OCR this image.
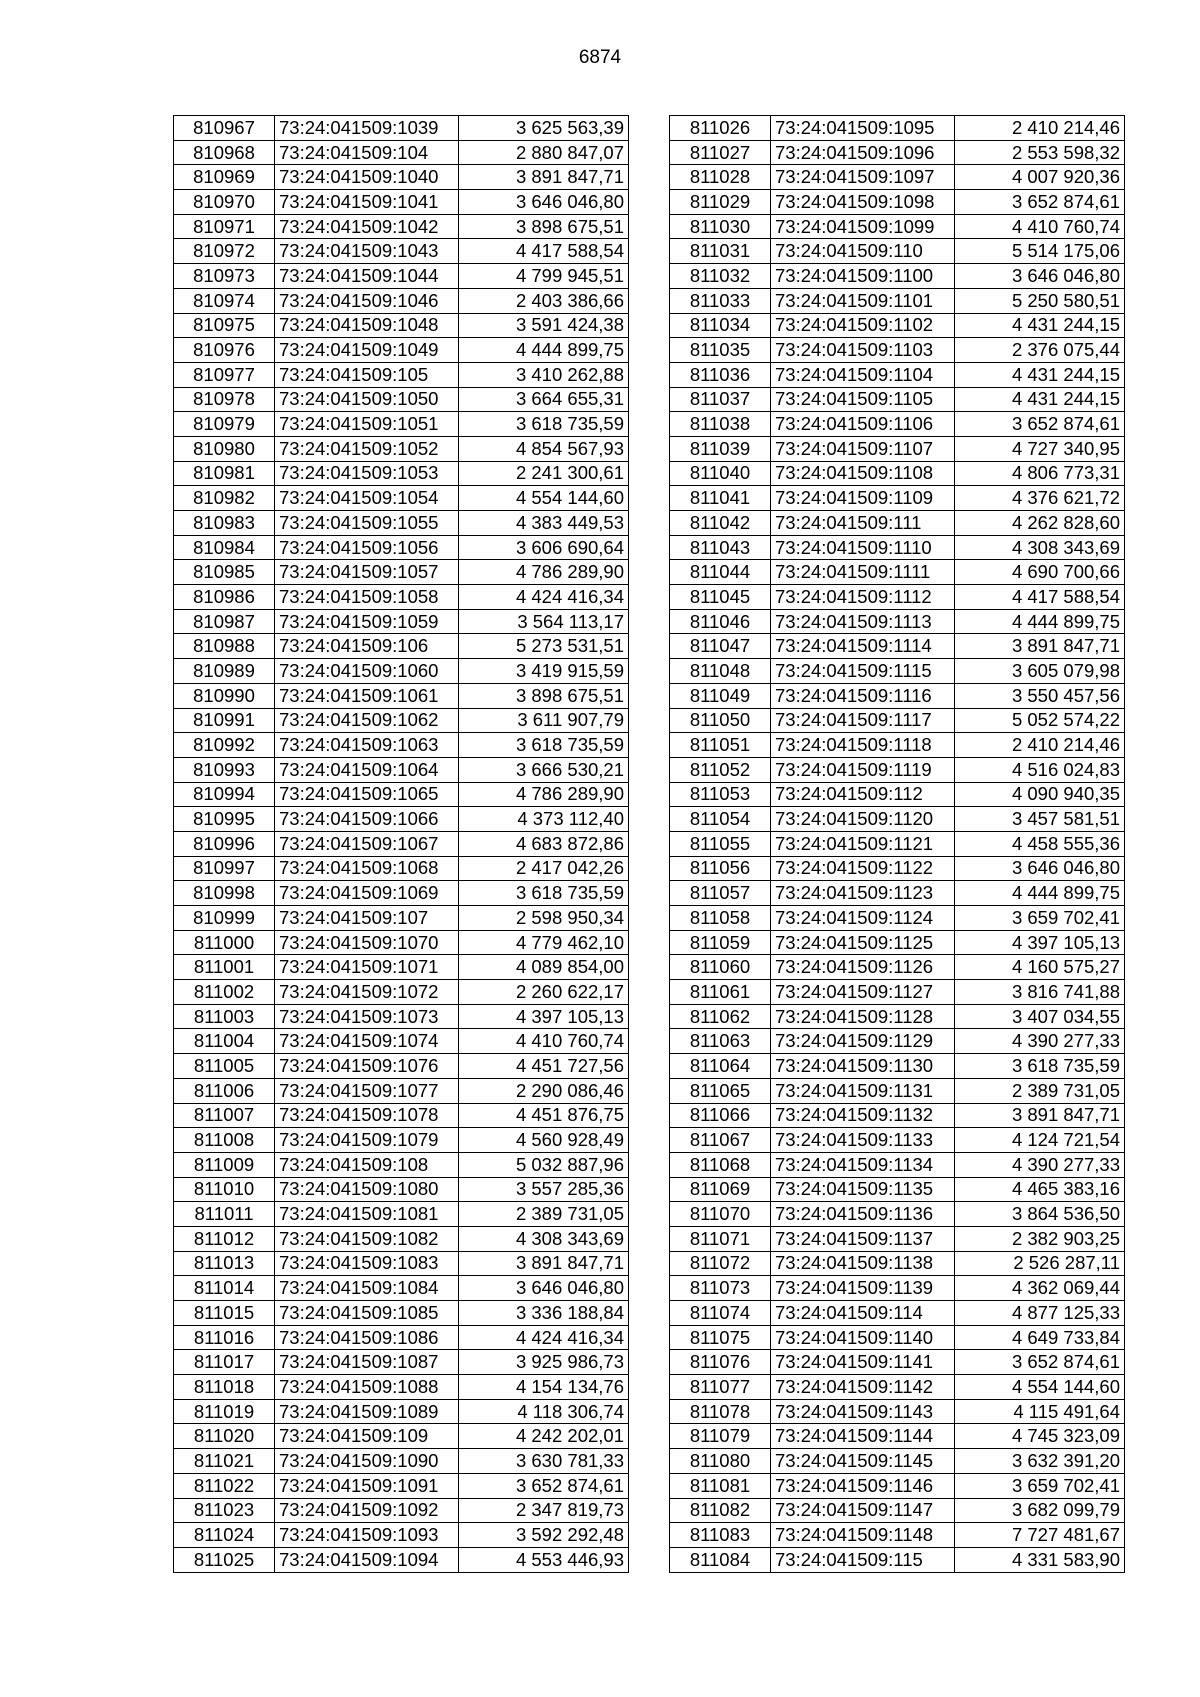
6874
810967	73:24:041509:1039	3 625 563,39
810968	73:24:041509:104	2 880 847,07
810969	73:24:041509:1040	3 891 847,71
810970	73:24:041509:1041	3 646 046,80
810971	73:24:041509:1042	3 898 675,51
810972	73:24:041509:1043	4 417 588,54
810973	73:24:041509:1044	4 799 945,51
810974	73:24:041509:1046	2 403 386,66
810975	73:24:041509:1048	3 591 424,38
810976	73:24:041509:1049	4 444 899,75
810977	73:24:041509:105	3 410 262,88
810978	73:24:041509:1050	3 664 655,31
810979	73:24:041509:1051	3 618 735,59
810980	73:24:041509:1052	4 854 567,93
810981	73:24:041509:1053	2 241 300,61
810982	73:24:041509:1054	4 554 144,60
810983	73:24:041509:1055	4 383 449,53
810984	73:24:041509:1056	3 606 690,64
810985	73:24:041509:1057	4 786 289,90
810986	73:24:041509:1058	4 424 416,34
810987	73:24:041509:1059	3 564 113,17
810988	73:24:041509:106	5 273 531,51
810989	73:24:041509:1060	3 419 915,59
810990	73:24:041509:1061	3 898 675,51
810991	73:24:041509:1062	3 611 907,79
810992	73:24:041509:1063	3 618 735,59
810993	73:24:041509:1064	3 666 530,21
810994	73:24:041509:1065	4 786 289,90
810995	73:24:041509:1066	4 373 112,40
810996	73:24:041509:1067	4 683 872,86
810997	73:24:041509:1068	2 417 042,26
810998	73:24:041509:1069	3 618 735,59
810999	73:24:041509:107	2 598 950,34
811000	73:24:041509:1070	4 779 462,10
811001	73:24:041509:1071	4 089 854,00
811002	73:24:041509:1072	2 260 622,17
811003	73:24:041509:1073	4 397 105,13
811004	73:24:041509:1074	4 410 760,74
811005	73:24:041509:1076	4 451 727,56
811006	73:24:041509:1077	2 290 086,46
811007	73:24:041509:1078	4 451 876,75
811008	73:24:041509:1079	4 560 928,49
811009	73:24:041509:108	5 032 887,96
811010	73:24:041509:1080	3 557 285,36
811011	73:24:041509:1081	2 389 731,05
811012	73:24:041509:1082	4 308 343,69
811013	73:24:041509:1083	3 891 847,71
811014	73:24:041509:1084	3 646 046,80
811015	73:24:041509:1085	3 336 188,84
811016	73:24:041509:1086	4 424 416,34
811017	73:24:041509:1087	3 925 986,73
811018	73:24:041509:1088	4 154 134,76
811019	73:24:041509:1089	4 118 306,74
811020	73:24:041509:109	4 242 202,01
811021	73:24:041509:1090	3 630 781,33
811022	73:24:041509:1091	3 652 874,61
811023	73:24:041509:1092	2 347 819,73
811024	73:24:041509:1093	3 592 292,48
811025	73:24:041509:1094	4 553 446,93
811026	73:24:041509:1095	2 410 214,46
811027	73:24:041509:1096	2 553 598,32
811028	73:24:041509:1097	4 007 920,36
811029	73:24:041509:1098	3 652 874,61
811030	73:24:041509:1099	4 410 760,74
811031	73:24:041509:110	5 514 175,06
811032	73:24:041509:1100	3 646 046,80
811033	73:24:041509:1101	5 250 580,51
811034	73:24:041509:1102	4 431 244,15
811035	73:24:041509:1103	2 376 075,44
811036	73:24:041509:1104	4 431 244,15
811037	73:24:041509:1105	4 431 244,15
811038	73:24:041509:1106	3 652 874,61
811039	73:24:041509:1107	4 727 340,95
811040	73:24:041509:1108	4 806 773,31
811041	73:24:041509:1109	4 376 621,72
811042	73:24:041509:111	4 262 828,60
811043	73:24:041509:1110	4 308 343,69
811044	73:24:041509:1111	4 690 700,66
811045	73:24:041509:1112	4 417 588,54
811046	73:24:041509:1113	4 444 899,75
811047	73:24:041509:1114	3 891 847,71
811048	73:24:041509:1115	3 605 079,98
811049	73:24:041509:1116	3 550 457,56
811050	73:24:041509:1117	5 052 574,22
811051	73:24:041509:1118	2 410 214,46
811052	73:24:041509:1119	4 516 024,83
811053	73:24:041509:112	4 090 940,35
811054	73:24:041509:1120	3 457 581,51
811055	73:24:041509:1121	4 458 555,36
811056	73:24:041509:1122	3 646 046,80
811057	73:24:041509:1123	4 444 899,75
811058	73:24:041509:1124	3 659 702,41
811059	73:24:041509:1125	4 397 105,13
811060	73:24:041509:1126	4 160 575,27
811061	73:24:041509:1127	3 816 741,88
811062	73:24:041509:1128	3 407 034,55
811063	73:24:041509:1129	4 390 277,33
811064	73:24:041509:1130	3 618 735,59
811065	73:24:041509:1131	2 389 731,05
811066	73:24:041509:1132	3 891 847,71
811067	73:24:041509:1133	4 124 721,54
811068	73:24:041509:1134	4 390 277,33
811069	73:24:041509:1135	4 465 383,16
811070	73:24:041509:1136	3 864 536,50
811071	73:24:041509:1137	2 382 903,25
811072	73:24:041509:1138	2 526 287,11
811073	73:24:041509:1139	4 362 069,44
811074	73:24:041509:114	4 877 125,33
811075	73:24:041509:1140	4 649 733,84
811076	73:24:041509:1141	3 652 874,61
811077	73:24:041509:1142	4 554 144,60
811078	73:24:041509:1143	4 115 491,64
811079	73:24:041509:1144	4 745 323,09
811080	73:24:041509:1145	3 632 391,20
811081	73:24:041509:1146	3 659 702,41
811082	73:24:041509:1147	3 682 099,79
811083	73:24:041509:1148	7 727 481,67
811084	73:24:041509:115	4 331 583,90
